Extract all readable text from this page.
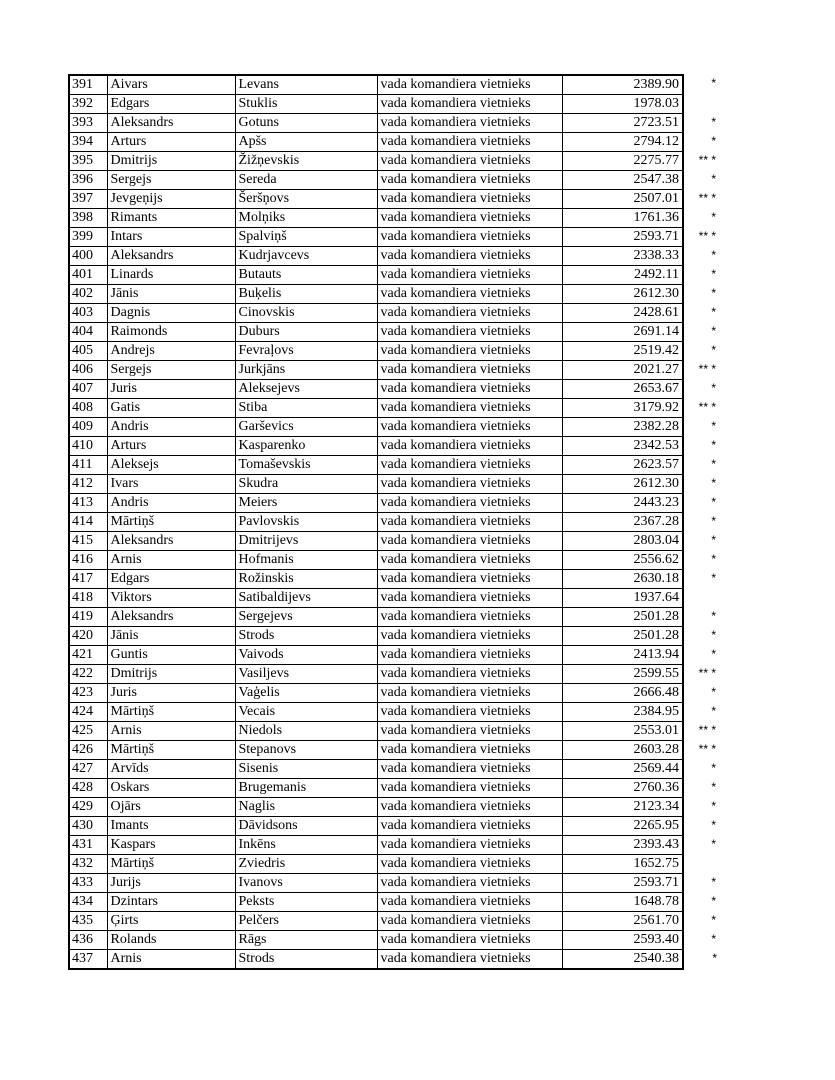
391	Aivars	Levans	vada komandiera vietnieks	2389.90	*
392	Edgars	Stuklis	vada komandiera vietnieks	1978.03	
393	Aleksandrs	Gotuns	vada komandiera vietnieks	2723.51	*
394	Arturs	Apšs	vada komandiera vietnieks	2794.12	*
395	Dmitrijs	Žižņevskis	vada komandiera vietnieks	2275.77	** *
396	Sergejs	Sereda	vada komandiera vietnieks	2547.38	*
397	Jevgeņijs	Šeršņovs	vada komandiera vietnieks	2507.01	** *
398	Rimants	Molņiks	vada komandiera vietnieks	1761.36	*
399	Intars	Spalviņš	vada komandiera vietnieks	2593.71	** *
400	Aleksandrs	Kudrjavcevs	vada komandiera vietnieks	2338.33	*
401	Linards	Butauts	vada komandiera vietnieks	2492.11	*
402	Jānis	Buķelis	vada komandiera vietnieks	2612.30	*
403	Dagnis	Cinovskis	vada komandiera vietnieks	2428.61	*
404	Raimonds	Duburs	vada komandiera vietnieks	2691.14	*
405	Andrejs	Fevraļovs	vada komandiera vietnieks	2519.42	*
406	Sergejs	Jurkjāns	vada komandiera vietnieks	2021.27	** *
407	Juris	Aleksejevs	vada komandiera vietnieks	2653.67	*
408	Gatis	Stiba	vada komandiera vietnieks	3179.92	** *
409	Andris	Garševics	vada komandiera vietnieks	2382.28	*
410	Arturs	Kasparenko	vada komandiera vietnieks	2342.53	*
411	Aleksejs	Tomaševskis	vada komandiera vietnieks	2623.57	*
412	Ivars	Skudra	vada komandiera vietnieks	2612.30	*
413	Andris	Meiers	vada komandiera vietnieks	2443.23	*
414	Mārtiņš	Pavlovskis	vada komandiera vietnieks	2367.28	*
415	Aleksandrs	Dmitrijevs	vada komandiera vietnieks	2803.04	*
416	Arnis	Hofmanis	vada komandiera vietnieks	2556.62	*
417	Edgars	Rožinskis	vada komandiera vietnieks	2630.18	*
418	Viktors	Satibaldijevs	vada komandiera vietnieks	1937.64	
419	Aleksandrs	Sergejevs	vada komandiera vietnieks	2501.28	*
420	Jānis	Strods	vada komandiera vietnieks	2501.28	*
421	Guntis	Vaivods	vada komandiera vietnieks	2413.94	*
422	Dmitrijs	Vasiljevs	vada komandiera vietnieks	2599.55	** *
423	Juris	Vaģelis	vada komandiera vietnieks	2666.48	*
424	Mārtiņš	Vecais	vada komandiera vietnieks	2384.95	*
425	Arnis	Niedols	vada komandiera vietnieks	2553.01	** *
426	Mārtiņš	Stepanovs	vada komandiera vietnieks	2603.28	** *
427	Arvīds	Sisenis	vada komandiera vietnieks	2569.44	*
428	Oskars	Brugemanis	vada komandiera vietnieks	2760.36	*
429	Ojārs	Naglis	vada komandiera vietnieks	2123.34	*
430	Imants	Dāvidsons	vada komandiera vietnieks	2265.95	*
431	Kaspars	Inkēns	vada komandiera vietnieks	2393.43	*
432	Mārtiņš	Zviedris	vada komandiera vietnieks	1652.75	
433	Jurijs	Ivanovs	vada komandiera vietnieks	2593.71	*
434	Dzintars	Peksts	vada komandiera vietnieks	1648.78	*
435	Ģirts	Pelčers	vada komandiera vietnieks	2561.70	*
436	Rolands	Rāgs	vada komandiera vietnieks	2593.40	*
437	Arnis	Strods	vada komandiera vietnieks	2540.38	*
